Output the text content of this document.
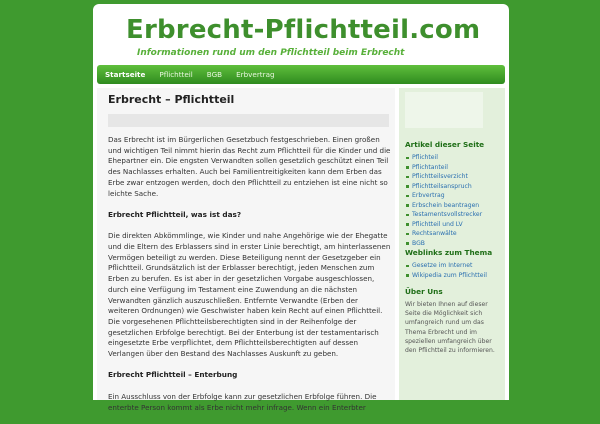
Erbrecht-Pflichtteil.com
Informationen rund um den Pflichtteil beim Erbrecht
Startseite	Pflichtteil	BGB	Erbvertrag
Erbrecht – Pflichtteil

Das Erbrecht ist im Bürgerlichen Gesetzbuch festgeschrieben. Einen großen und wichtigen Teil nimmt hierin das Recht zum Pflichtteil für die Kinder und die Ehepartner ein. Die engsten Verwandten sollen gesetzlich geschützt einen Teil des Nachlasses erhalten. Auch bei Familientreitigkeiten kann dem Erben das Erbe zwar entzogen werden, doch den Pflichtteil zu entziehen ist eine nicht so leichte Sache.

Erbrecht Pflichtteil, was ist das?

Die direkten Abkömmlinge, wie Kinder und nahe Angehörige wie der Ehegatte und die Eltern des Erblassers sind in erster Linie berechtigt, am hinterlassenen Vermögen beteiligt zu werden. Diese Beteiligung nennt der Gesetzgeber ein Pflichtteil. Grundsätzlich ist der Erblasser berechtigt, jeden Menschen zum Erben zu berufen. Es ist aber in der gesetzlichen Vorgabe ausgeschlossen, durch eine Verfügung im Testament eine Zuwendung an die nächsten Verwandten gänzlich auszuschließen. Entfernte Verwandte (Erben der weiteren Ordnungen) wie Geschwister haben kein Recht auf einen Pflichtteil. Die vorgesehenen Pflichtteilsberechtigten sind in der Reihenfolge der gesetzlichen Erbfolge berechtigt. Bei der Enterbung ist der testamentarisch eingesetzte Erbe verpflichtet, dem Pflichtteilsberechtigten auf dessen Verlangen über den Bestand des Nachlasses Auskunft zu geben.

Erbrecht Pflichtteil – Enterbung

Ein Ausschluss von der Erbfolge kann zur gesetzlichen Erbfolge führen. Die enterbte Person kommt als Erbe nicht mehr infrage. Wenn ein Enterbter

Artikel dieser Seite
Pflichteil
Pflichtanteil
Pflichtteilsverzicht
Pflichtteilsanspruch
Erbvertrag
Erbschein beantragen
Testamentsvollstrecker
Pflichtteil und LV
Rechtsanwälte
BGB
Weblinks zum Thema
Gesetze im Internet
Wikipedia zum Pflichtteil
Über Uns

Wir bieten Ihnen auf dieser Seite die Möglichkeit sich umfangreich rund um das Thema Erbrecht und im speziellen umfangreich über den Pflichtteil zu informieren.
